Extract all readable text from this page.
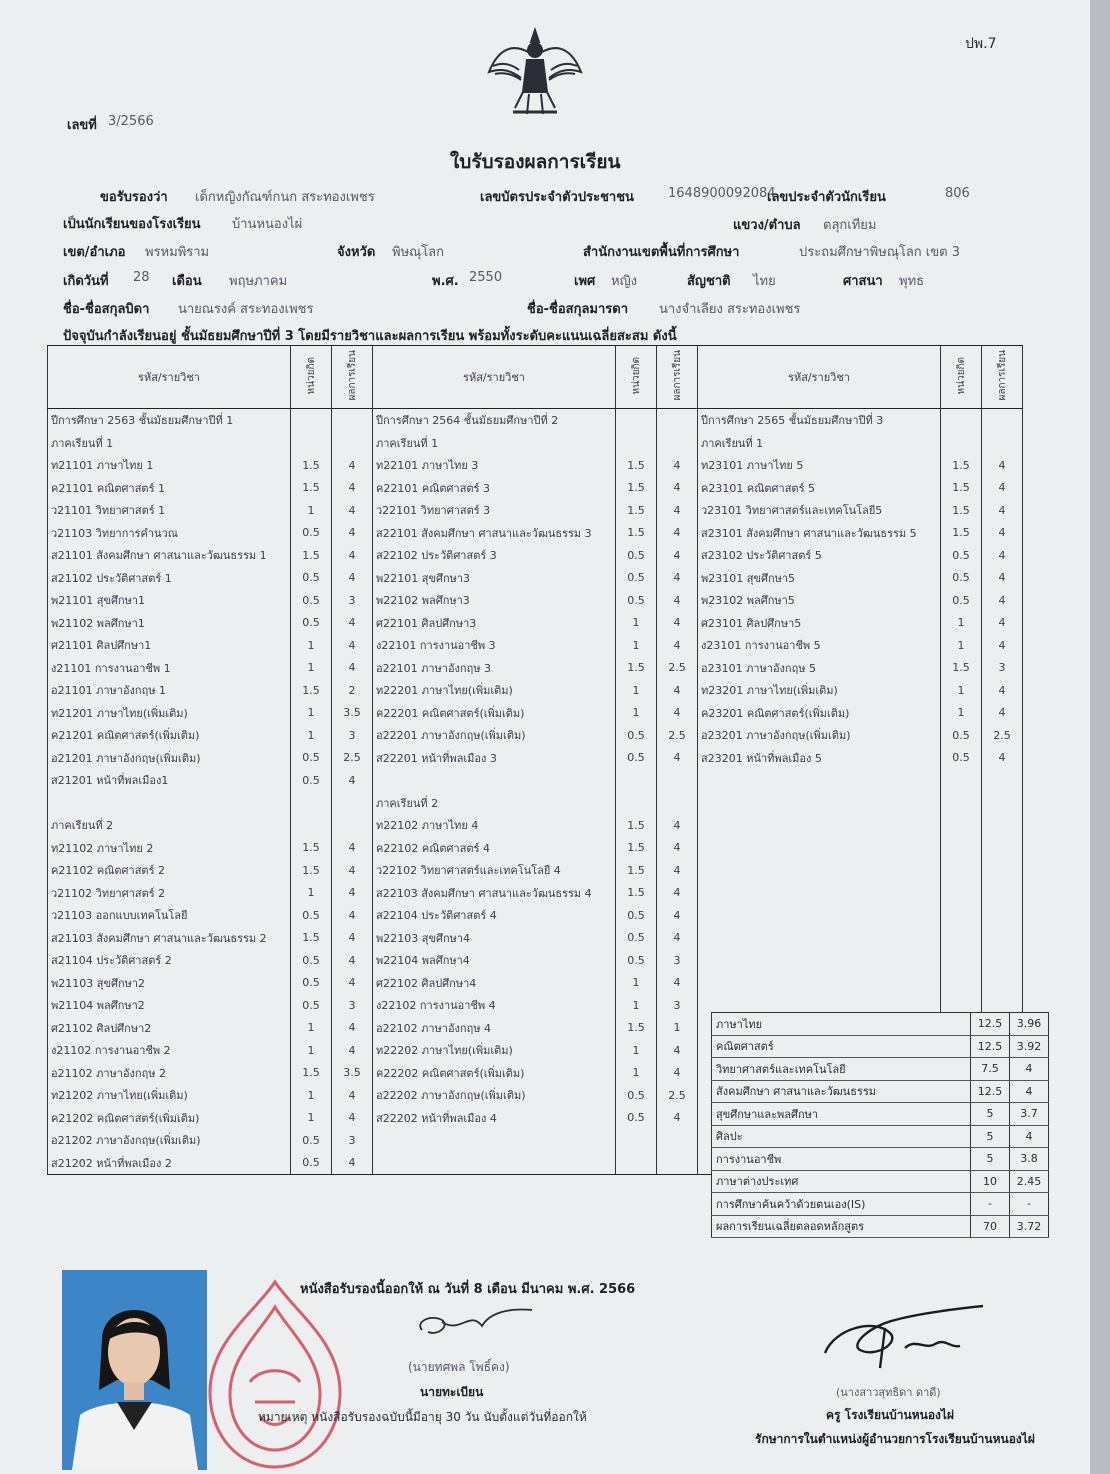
ปพ.7
เลขที่ 3/2566
ใบรับรองผลการเรียน
ขอรับรองว่า เด็กหญิงกัณฑ์กนก สระทองเพชร	เลขบัตรประจำตัวประชาชน	1648900092084
เลขประจำตัวนักเรียน	806
เป็นนักเรียนของโรงเรียน บ้านหนองไผ่	แขวง/ตำบล ตลุกเทียม
เขต/อำเภอ พรหมพิราม	จังหวัด พิษณุโลก	สำนักงานเขตพื้นที่การศึกษา	ประถมศึกษาพิษณุโลก เขต 3
เกิดวันที่ 28 เดือน พฤษภาคม	พ.ศ. 2550	เพศ หญิง	สัญชาติ ไทย	ศาสนา พุทธ
ชื่อ-ชื่อสกุลบิดา นายณรงค์ สระทองเพชร	ชื่อ-ชื่อสกุลมารดา นางจำเลียง สระทองเพชร
ปัจจุบันกำลังเรียนอยู่ ชั้นมัธยมศึกษาปีที่ 3 โดยมีรายวิชาและผลการเรียน พร้อมทั้งระดับคะแนนเฉลี่ยสะสม ดังนี้
รหัส/รายวิชา	หน่วยกิต	ผลการเรียน	รหัส/รายวิชา	หน่วยกิต	ผลการเรียน	รหัส/รายวิชา	หน่วยกิต	ผลการเรียน
ปีการศึกษา 2563 ชั้นมัธยมศึกษาปีที่ 1			ปีการศึกษา 2564 ชั้นมัธยมศึกษาปีที่ 2			ปีการศึกษา 2565 ชั้นมัธยมศึกษาปีที่ 3		
ภาคเรียนที่ 1			ภาคเรียนที่ 1			ภาคเรียนที่ 1		
ท21101 ภาษาไทย 1	1.5	4	ท22101 ภาษาไทย 3	1.5	4	ท23101 ภาษาไทย 5	1.5	4
ค21101 คณิตศาสตร์ 1	1.5	4	ค22101 คณิตศาสตร์ 3	1.5	4	ค23101 คณิตศาสตร์ 5	1.5	4
ว21101 วิทยาศาสตร์ 1	1	4	ว22101 วิทยาศาสตร์ 3	1.5	4	ว23101 วิทยาศาสตร์และเทคโนโลยี5	1.5	4
ว21103 วิทยาการคำนวณ	0.5	4	ส22101 สังคมศึกษา ศาสนาและวัฒนธรรม 3	1.5	4	ส23101 สังคมศึกษา ศาสนาและวัฒนธรรม 5	1.5	4
ส21101 สังคมศึกษา ศาสนาและวัฒนธรรม 1	1.5	4	ส22102 ประวัติศาสตร์ 3	0.5	4	ส23102 ประวัติศาสตร์ 5	0.5	4
ส21102 ประวัติศาสตร์ 1	0.5	4	พ22101 สุขศึกษา3	0.5	4	พ23101 สุขศึกษา5	0.5	4
พ21101 สุขศึกษา1	0.5	3	พ22102 พลศึกษา3	0.5	4	พ23102 พลศึกษา5	0.5	4
พ21102 พลศึกษา1	0.5	4	ศ22101 ศิลปศึกษา3	1	4	ศ23101 ศิลปศึกษา5	1	4
ศ21101 ศิลปศึกษา1	1	4	ง22101 การงานอาชีพ 3	1	4	ง23101 การงานอาชีพ 5	1	4
ง21101 การงานอาชีพ 1	1	4	อ22101 ภาษาอังกฤษ 3	1.5	2.5	อ23101 ภาษาอังกฤษ 5	1.5	3
อ21101 ภาษาอังกฤษ 1	1.5	2	ท22201 ภาษาไทย(เพิ่มเติม)	1	4	ท23201 ภาษาไทย(เพิ่มเติม)	1	4
ท21201 ภาษาไทย(เพิ่มเติม)	1	3.5	ค22201 คณิตศาสตร์(เพิ่มเติม)	1	4	ค23201 คณิตศาสตร์(เพิ่มเติม)	1	4
ค21201 คณิตศาสตร์(เพิ่มเติม)	1	3	อ22201 ภาษาอังกฤษ(เพิ่มเติม)	0.5	2.5	อ23201 ภาษาอังกฤษ(เพิ่มเติม)	0.5	2.5
อ21201 ภาษาอังกฤษ(เพิ่มเติม)	0.5	2.5	ส22201 หน้าที่พลเมือง 3	0.5	4	ส23201 หน้าที่พลเมือง 5	0.5	4
ส21201 หน้าที่พลเมือง1	0.5	4						
			ภาคเรียนที่ 2					
ภาคเรียนที่ 2			ท22102 ภาษาไทย 4	1.5	4			
ท21102 ภาษาไทย 2	1.5	4	ค22102 คณิตศาสตร์ 4	1.5	4			
ค21102 คณิตศาสตร์ 2	1.5	4	ว22102 วิทยาศาสตร์และเทคโนโลยี 4	1.5	4			
ว21102 วิทยาศาสตร์ 2	1	4	ส22103 สังคมศึกษา ศาสนาและวัฒนธรรม 4	1.5	4			
ว21103 ออกแบบเทคโนโลยี	0.5	4	ส22104 ประวัติศาสตร์ 4	0.5	4			
ส21103 สังคมศึกษา ศาสนาและวัฒนธรรม 2	1.5	4	พ22103 สุขศึกษา4	0.5	4			
ส21104 ประวัติศาสตร์ 2	0.5	4	พ22104 พลศึกษา4	0.5	3			
พ21103 สุขศึกษา2	0.5	4	ศ22102 ศิลปศึกษา4	1	4			
พ21104 พลศึกษา2	0.5	3	ง22102 การงานอาชีพ 4	1	3			
ศ21102 ศิลปศึกษา2	1	4	อ22102 ภาษาอังกฤษ 4	1.5	1			
ง21102 การงานอาชีพ 2	1	4	ท22202 ภาษาไทย(เพิ่มเติม)	1	4			
อ21102 ภาษาอังกฤษ 2	1.5	3.5	ค22202 คณิตศาสตร์(เพิ่มเติม)	1	4			
ท21202 ภาษาไทย(เพิ่มเติม)	1	4	อ22202 ภาษาอังกฤษ(เพิ่มเติม)	0.5	2.5			
ค21202 คณิตศาสตร์(เพิ่มเติม)	1	4	ส22202 หน้าที่พลเมือง 4	0.5	4			
อ21202 ภาษาอังกฤษ(เพิ่มเติม)	0.5	3						
ส21202 หน้าที่พลเมือง 2	0.5	4						
ภาษาไทย	12.5	3.96
คณิตศาสตร์	12.5	3.92
วิทยาศาสตร์และเทคโนโลยี	7.5	4
สังคมศึกษา ศาสนาและวัฒนธรรม	12.5	4
สุขศึกษาและพลศึกษา	5	3.7
ศิลปะ	5	4
การงานอาชีพ	5	3.8
ภาษาต่างประเทศ	10	2.45
การศึกษาค้นคว้าด้วยตนเอง(IS)	-	-
ผลการเรียนเฉลี่ยตลอดหลักสูตร	70	3.72
หนังสือรับรองนี้ออกให้ ณ วันที่ 8 เดือน มีนาคม พ.ศ. 2566
(นายทศพล โพธิ์คง)
นายทะเบียน	(นางสาวสุทธิดา ดาดี)
ครู โรงเรียนบ้านหนองไผ่
รักษาการในตำแหน่งผู้อำนวยการโรงเรียนบ้านหนองไผ่
หมายเหตุ หนังสือรับรองฉบับนี้มีอายุ 30 วัน นับตั้งแต่วันที่ออกให้
